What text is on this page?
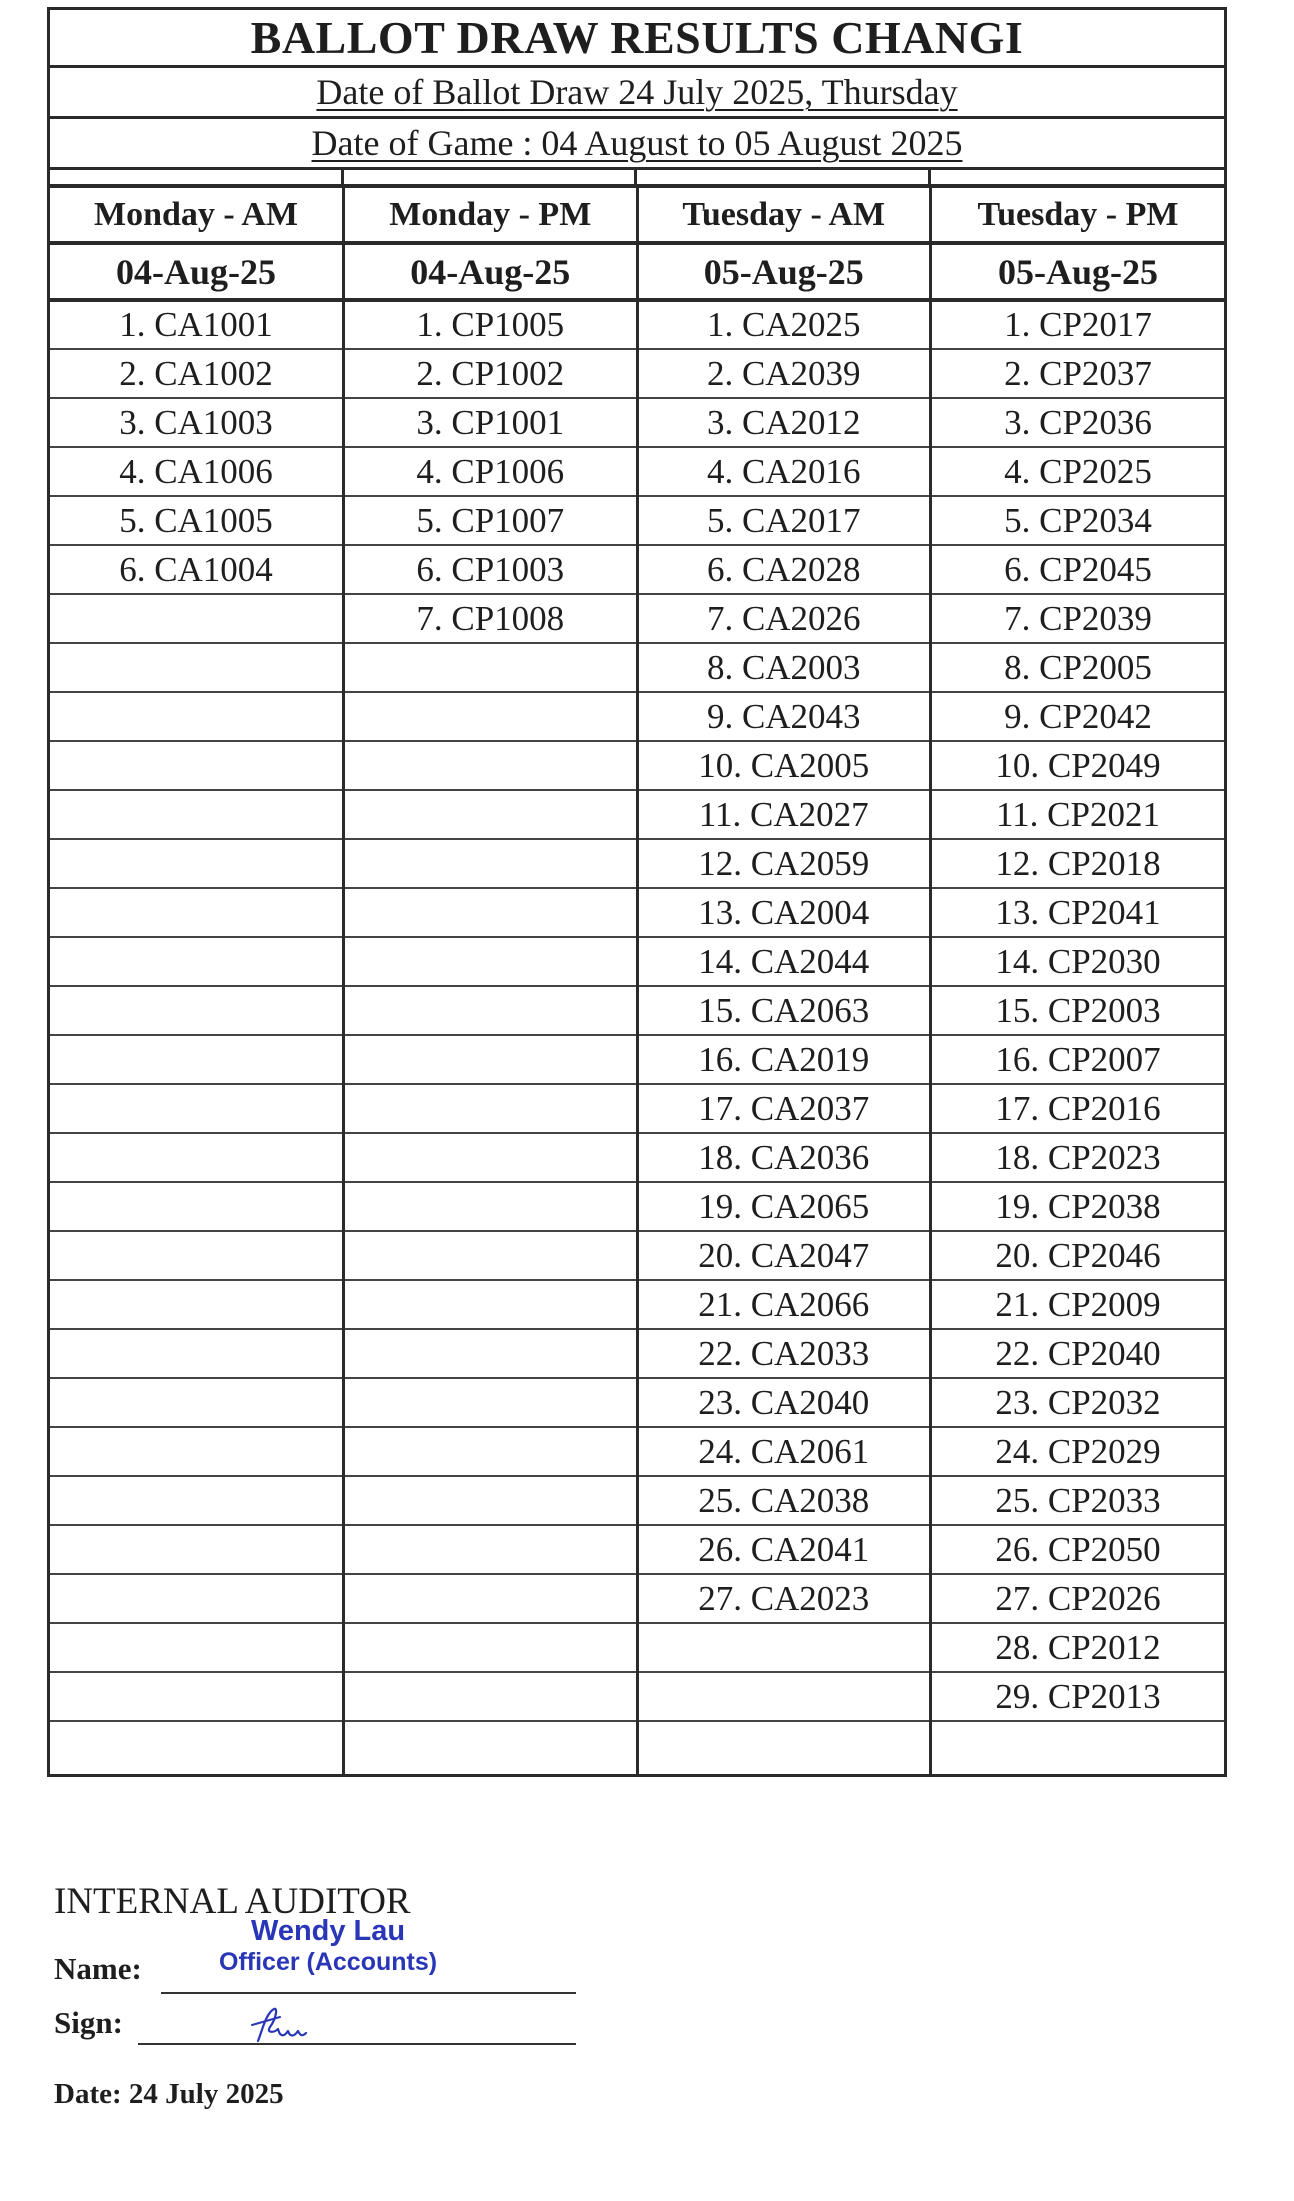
BALLOT DRAW RESULTS CHANGI
Date of Ballot Draw 24 July 2025, Thursday
Date of Game : 04 August to 05 August 2025
Monday - AM	Monday - PM	Tuesday - AM	Tuesday - PM
04-Aug-25	04-Aug-25	05-Aug-25	05-Aug-25
1. CA1001	1. CP1005	1. CA2025	1. CP2017
2. CA1002	2. CP1002	2. CA2039	2. CP2037
3. CA1003	3. CP1001	3. CA2012	3. CP2036
4. CA1006	4. CP1006	4. CA2016	4. CP2025
5. CA1005	5. CP1007	5. CA2017	5. CP2034
6. CA1004	6. CP1003	6. CA2028	6. CP2045
	7. CP1008	7. CA2026	7. CP2039
		8. CA2003	8. CP2005
		9. CA2043	9. CP2042
		10. CA2005	10. CP2049
		11. CA2027	11. CP2021
		12. CA2059	12. CP2018
		13. CA2004	13. CP2041
		14. CA2044	14. CP2030
		15. CA2063	15. CP2003
		16. CA2019	16. CP2007
		17. CA2037	17. CP2016
		18. CA2036	18. CP2023
		19. CA2065	19. CP2038
		20. CA2047	20. CP2046
		21. CA2066	21. CP2009
		22. CA2033	22. CP2040
		23. CA2040	23. CP2032
		24. CA2061	24. CP2029
		25. CA2038	25. CP2033
		26. CA2041	26. CP2050
		27. CA2023	27. CP2026
			28. CP2012
			29. CP2013

INTERNAL AUDITOR
Wendy Lau
Officer (Accounts)
Name:
Sign:
Date: 24 July 2025
